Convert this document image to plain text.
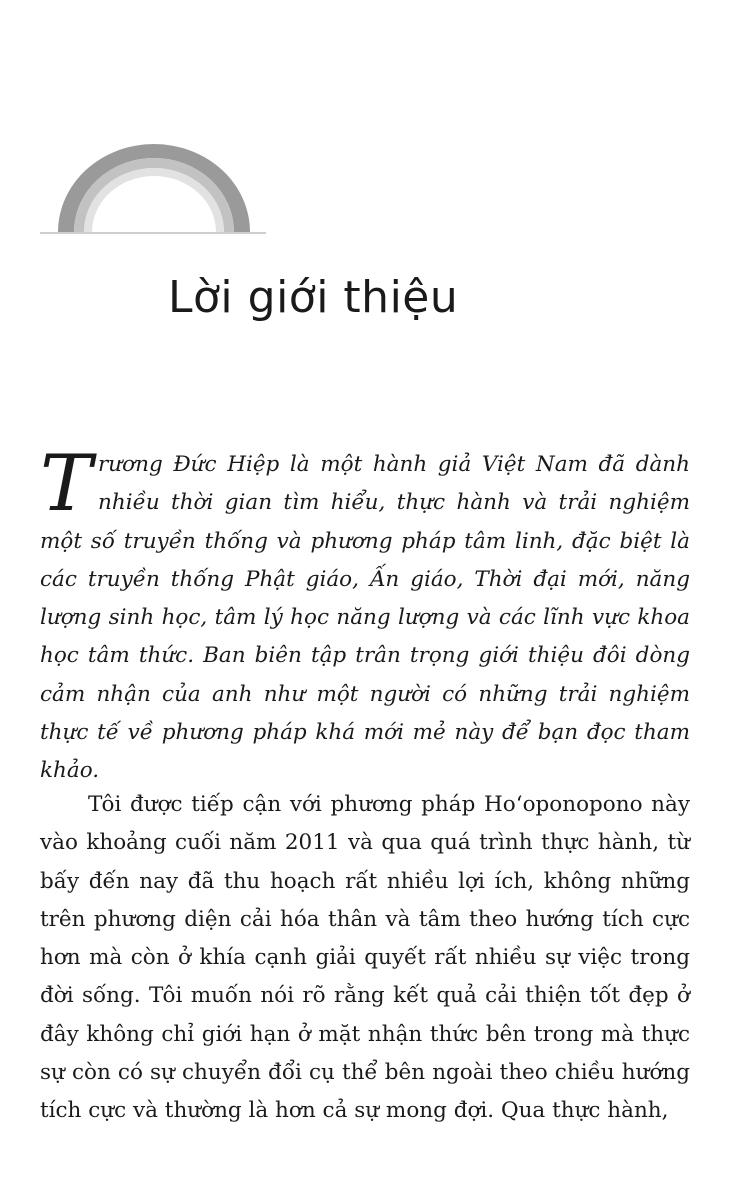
Lời giới thiệu

Trương Đức Hiệp là một hành giả Việt Nam đã dành nhiều thời gian tìm hiểu, thực hành và trải nghiệm một số truyền thống và phương pháp tâm linh, đặc biệt là các truyền thống Phật giáo, Ấn giáo, Thời đại mới, năng lượng sinh học, tâm lý học năng lượng và các lĩnh vực khoa học tâm thức. Ban biên tập trân trọng giới thiệu đôi dòng cảm nhận của anh như một người có những trải nghiệm thực tế về phương pháp khá mới mẻ này để bạn đọc tham khảo.

Tôi được tiếp cận với phương pháp Hoʻoponopono này vào khoảng cuối năm 2011 và qua quá trình thực hành, từ bấy đến nay đã thu hoạch rất nhiều lợi ích, không những trên phương diện cải hóa thân và tâm theo hướng tích cực hơn mà còn ở khía cạnh giải quyết rất nhiều sự việc trong đời sống. Tôi muốn nói rõ rằng kết quả cải thiện tốt đẹp ở đây không chỉ giới hạn ở mặt nhận thức bên trong mà thực sự còn có sự chuyển đổi cụ thể bên ngoài theo chiều hướng tích cực và thường là hơn cả sự mong đợi. Qua thực hành,
